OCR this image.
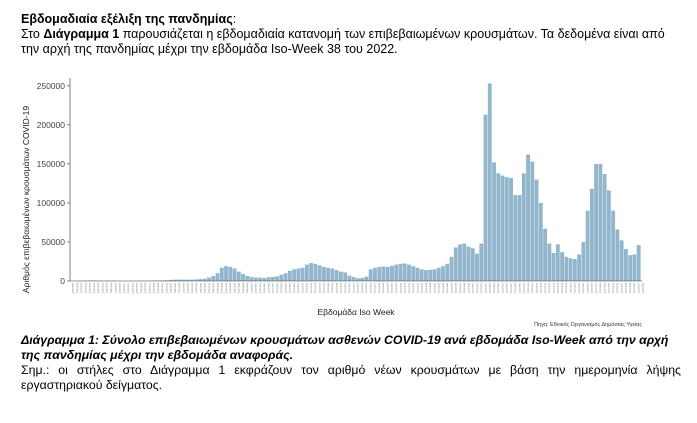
Εβδομαδιαία εξέλιξη της πανδημίας:
Στο Διάγραμμα 1 παρουσιάζεται η εβδομαδιαία κατανομή των επιβεβαιωμένων κρουσμάτων. Τα δεδομένα είναι από την αρχή της πανδημίας μέχρι την εβδομάδα Iso-Week 38 του 2022.
0
50000
100000
150000
200000
250000
2020-W09 2020-W10 2020-W11 2020-W12 2020-W13 2020-W14 2020-W15 2020-W16 2020-W17 2020-W18 2020-W19 2020-W20 2020-W21 2020-W22 2020-W23 2020-W24 2020-W25 2020-W26 2020-W27 2020-W28 2020-W29 2020-W30 2020-W31 2020-W32 2020-W33 2020-W34 2020-W35 2020-W36 2020-W37 2020-W38 2020-W39 2020-W40 2020-W41 2020-W42 2020-W43 2020-W44 2020-W45 2020-W46 2020-W47 2020-W48 2020-W49 2020-W50 2020-W51 2020-W52 2020-W53 2021-W01 2021-W02 2021-W03 2021-W04 2021-W05 2021-W06 2021-W07 2021-W08 2021-W09 2021-W10 2021-W11 2021-W12 2021-W13 2021-W14 2021-W15 2021-W16 2021-W17 2021-W18 2021-W19 2021-W20 2021-W21 2021-W22 2021-W23 2021-W24 2021-W25 2021-W26 2021-W27 2021-W28 2021-W29 2021-W30 2021-W31 2021-W32 2021-W33 2021-W34 2021-W35 2021-W36 2021-W37 2021-W38 2021-W39 2021-W40 2021-W41 2021-W42 2021-W43 2021-W44 2021-W45 2021-W46 2021-W47 2021-W48 2021-W49 2021-W50 2021-W51 2021-W52 2022-W01 2022-W02 2022-W03 2022-W04 2022-W05 2022-W06 2022-W07 2022-W08 2022-W09 2022-W10 2022-W11 2022-W12 2022-W13 2022-W14 2022-W15 2022-W16 2022-W17 2022-W18 2022-W19 2022-W20 2022-W21 2022-W22 2022-W23 2022-W24 2022-W25 2022-W26 2022-W27 2022-W28 2022-W29 2022-W30 2022-W31 2022-W32 2022-W33 2022-W34 2022-W35 2022-W36 2022-W37 2022-W38
Αριθμός επιβεβαιωμένων κρουσμάτων COVID-19
Εβδομάδα Iso Week
Πηγή: Εθνικός Οργανισμός Δημόσιας Υγείας
Διάγραμμα 1: Σύνολο επιβεβαιωμένων κρουσμάτων ασθενών COVID-19 ανά εβδομάδα Iso-Week από την αρχή της πανδημίας μέχρι την εβδομάδα αναφοράς.
Σημ.: οι στήλες στο Διάγραμμα 1 εκφράζουν τον αριθμό νέων κρουσμάτων με βάση την ημερομηνία λήψης εργαστηριακού δείγματος.
